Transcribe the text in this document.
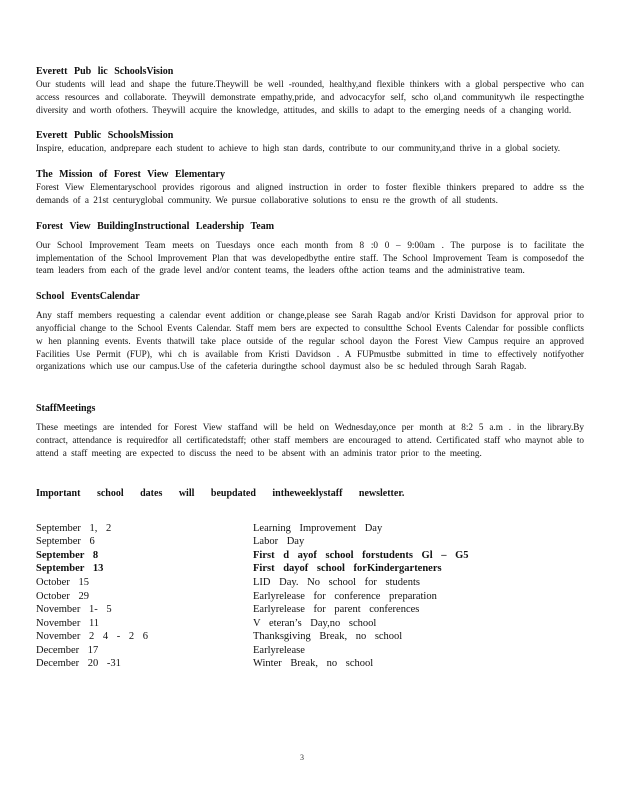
Everett Pub lic SchoolsVision
Our students will lead and shape the future.Theywill be well -rounded, healthy,and flexible thinkers with a global perspective who can access resources and collaborate. Theywill demonstrate empathy,pride, and advocacyfor self, scho ol,and communitywh ile respectingthe diversity and worth ofothers. Theywill acquire the knowledge, attitudes, and skills to adapt to the emerging needs of a changing world.
Everett Public SchoolsMission
Inspire, education, andprepare each student to achieve to high stan dards, contribute to our community,and thrive in a global society.
The Mission of Forest View Elementary
Forest View Elementaryschool provides rigorous and aligned instruction in order to foster flexible thinkers prepared to addre ss the demands of a 21st centuryglobal community. We pursue collaborative solutions to ensu re the growth of all students.
Forest View BuildingInstructional Leadership Team
Our School Improvement Team meets on Tuesdays once each month from 8 :0 0 – 9:00am . The purpose is to facilitate the implementation of the School Improvement Plan that was developedbythe entire staff. The School Improvement Team is composedof the team leaders from each of the grade level and/or content teams, the leaders ofthe action teams and the administrative team.
School EventsCalendar
Any staff members requesting a calendar event addition or change,please see Sarah Ragab and/or Kristi Davidson for approval prior to anyofficial change to the School Events Calendar. Staff mem bers are expected to consultthe School Events Calendar for possible conflicts w hen planning events. Events thatwill take place outside of the regular school dayon the Forest View Campus require an approved Facilities Use Permit (FUP), whi ch is available from Kristi Davidson . A FUPmustbe submitted in time to effectively notifyother organizations which use our campus.Use of the cafeteria duringthe school daymust also be sc heduled through Sarah Ragab.
StaffMeetings
These meetings are intended for Forest View staffand will be held on Wednesday,once per month at 8:2 5 a.m . in the library.By contract, attendance is requiredfor all certificatedstaff; other staff members are encouraged to attend. Certificated staff who maynot able to attend a staff meeting are expected to discuss the need to be absent with an adminis trator prior to the meeting.
Important school dates will beupdated intheweeklystaff newsletter.
September 1, 2	Learning Improvement Day
September 6	Labor Day
September 8	First d ayof school forstudents Gl – G5
September 13	First dayof school forKindergarteners
October 15	LID Day. No school for students
October 29	Earlyrelease for conference preparation
November 1- 5	Earlyrelease for parent conferences
November 11	V eteran’s Day,no school
November 2 4 - 2 6	Thanksgiving Break, no school
December 17	Earlyrelease
December 20 -31	Winter Break, no school
3
